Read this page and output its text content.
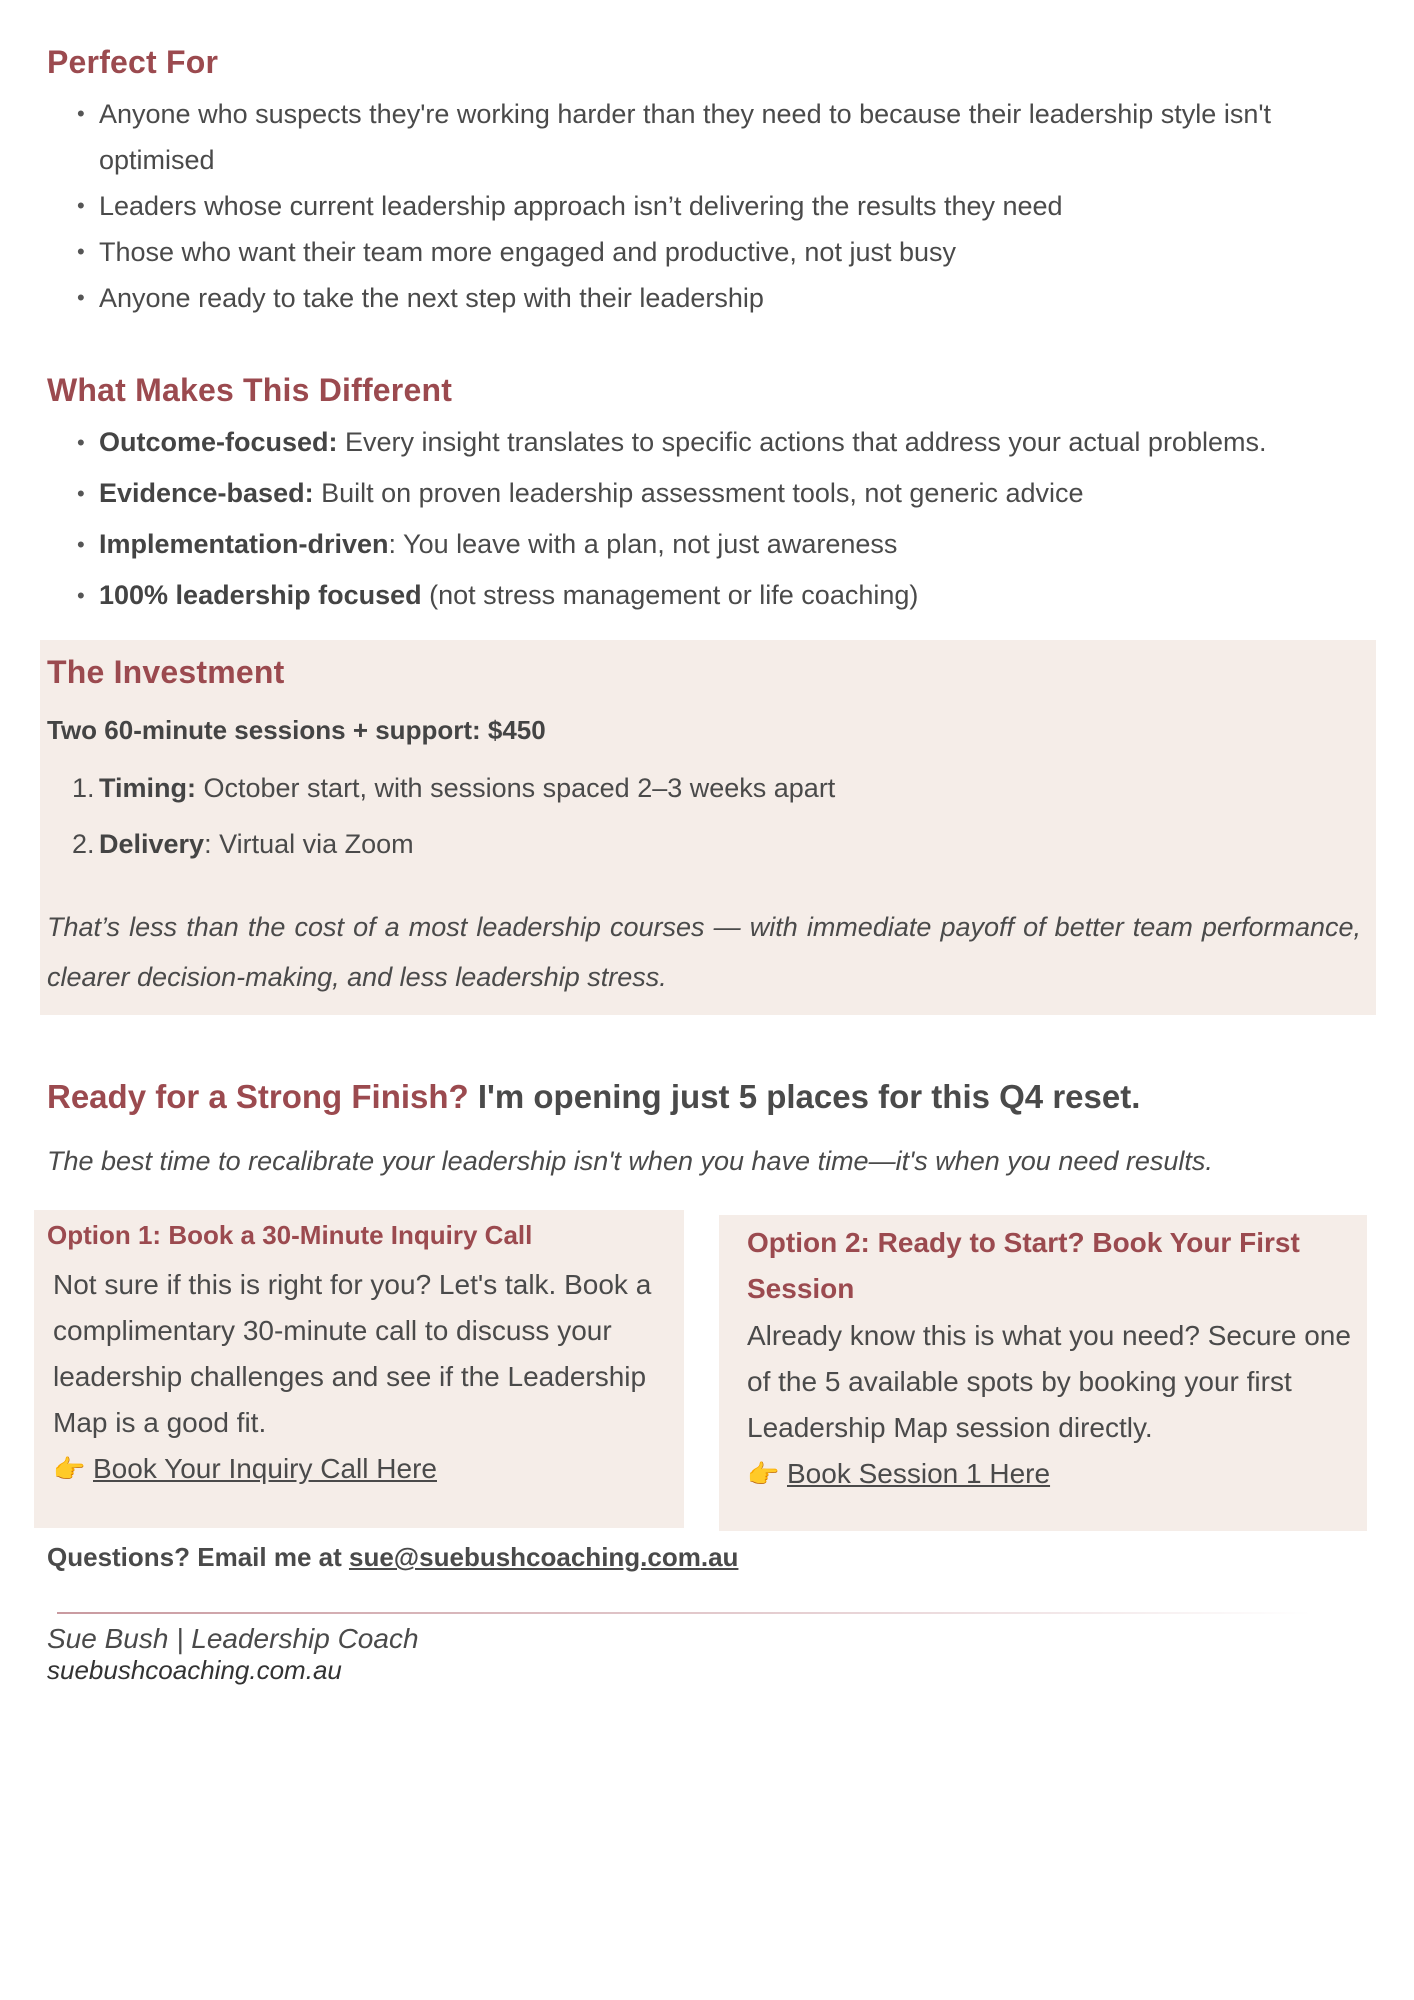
Perfect For
• Anyone who suspects they're working harder than they need to because their leadership style isn't optimised
• Leaders whose current leadership approach isn’t delivering the results they need
• Those who want their team more engaged and productive, not just busy
• Anyone ready to take the next step with their leadership
What Makes This Different
• Outcome-focused: Every insight translates to specific actions that address your actual problems.
• Evidence-based: Built on proven leadership assessment tools, not generic advice
• Implementation-driven: You leave with a plan, not just awareness
• 100% leadership focused (not stress management or life coaching)
The Investment
Two 60-minute sessions + support: $450
1. Timing: October start, with sessions spaced 2–3 weeks apart
2. Delivery: Virtual via Zoom
That’s less than the cost of a most leadership courses — with immediate payoff of better team performance, clearer decision-making, and less leadership stress.
Ready for a Strong Finish? I'm opening just 5 places for this Q4 reset.
The best time to recalibrate your leadership isn't when you have time—it's when you need results.
Option 1: Book a 30-Minute Inquiry Call
Not sure if this is right for you? Let's talk. Book a complimentary 30-minute call to discuss your leadership challenges and see if the Leadership Map is a good fit.
👉 Book Your Inquiry Call Here
Option 2: Ready to Start? Book Your First Session
Already know this is what you need? Secure one of the 5 available spots by booking your first Leadership Map session directly.
👉 Book Session 1 Here
Questions? Email me at sue@suebushcoaching.com.au
Sue Bush | Leadership Coach
suebushcoaching.com.au
